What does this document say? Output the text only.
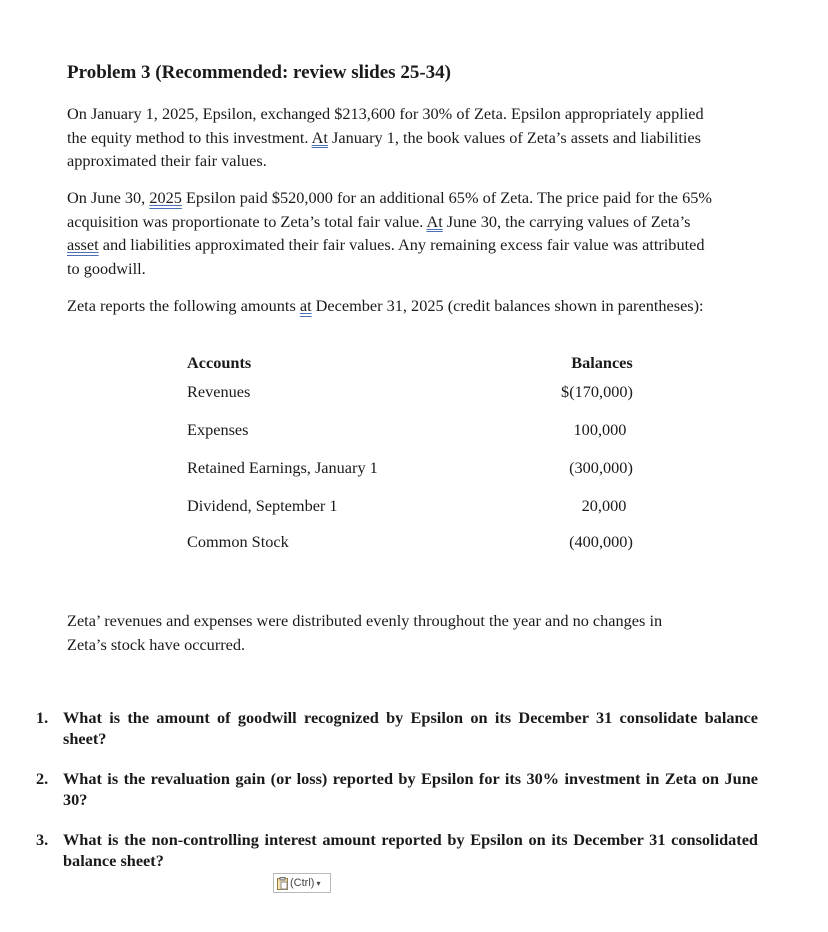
Problem 3 (Recommended: review slides 25-34)

On January 1, 2025, Epsilon, exchanged $213,600 for 30% of Zeta. Epsilon appropriately applied
the equity method to this investment. At January 1, the book values of Zeta’s assets and liabilities
approximated their fair values.

On June 30, 2025 Epsilon paid $520,000 for an additional 65% of Zeta. The price paid for the 65%
acquisition was proportionate to Zeta’s total fair value. At June 30, the carrying values of Zeta’s
asset and liabilities approximated their fair values. Any remaining excess fair value was attributed
to goodwill.

Zeta reports the following amounts at December 31, 2025 (credit balances shown in parentheses):

Accounts	Balances
Revenues	$(170,000)
Expenses	100,000
Retained Earnings, January 1	(300,000)
Dividend, September 1	20,000
Common Stock	(400,000)

Zeta’ revenues and expenses were distributed evenly throughout the year and no changes in
Zeta’s stock have occurred.

1. What is the amount of goodwill recognized by Epsilon on its December 31 consolidate balance sheet?
2. What is the revaluation gain (or loss) reported by Epsilon for its 30% investment in Zeta on June 30?
3. What is the non-controlling interest amount reported by Epsilon on its December 31 consolidated balance sheet?
(Ctrl) ▾
